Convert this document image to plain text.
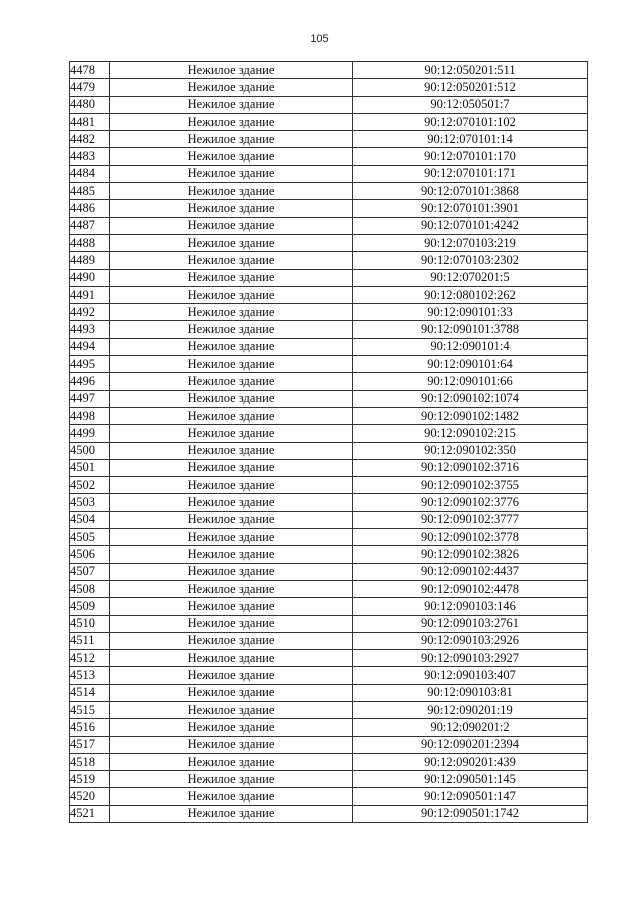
105
4478	Нежилое здание	90:12:050201:511
4479	Нежилое здание	90:12:050201:512
4480	Нежилое здание	90:12:050501:7
4481	Нежилое здание	90:12:070101:102
4482	Нежилое здание	90:12:070101:14
4483	Нежилое здание	90:12:070101:170
4484	Нежилое здание	90:12:070101:171
4485	Нежилое здание	90:12:070101:3868
4486	Нежилое здание	90:12:070101:3901
4487	Нежилое здание	90:12:070101:4242
4488	Нежилое здание	90:12:070103:219
4489	Нежилое здание	90:12:070103:2302
4490	Нежилое здание	90:12:070201:5
4491	Нежилое здание	90:12:080102:262
4492	Нежилое здание	90:12:090101:33
4493	Нежилое здание	90:12:090101:3788
4494	Нежилое здание	90:12:090101:4
4495	Нежилое здание	90:12:090101:64
4496	Нежилое здание	90:12:090101:66
4497	Нежилое здание	90:12:090102:1074
4498	Нежилое здание	90:12:090102:1482
4499	Нежилое здание	90:12:090102:215
4500	Нежилое здание	90:12:090102:350
4501	Нежилое здание	90:12:090102:3716
4502	Нежилое здание	90:12:090102:3755
4503	Нежилое здание	90:12:090102:3776
4504	Нежилое здание	90:12:090102:3777
4505	Нежилое здание	90:12:090102:3778
4506	Нежилое здание	90:12:090102:3826
4507	Нежилое здание	90:12:090102:4437
4508	Нежилое здание	90:12:090102:4478
4509	Нежилое здание	90:12:090103:146
4510	Нежилое здание	90:12:090103:2761
4511	Нежилое здание	90:12:090103:2926
4512	Нежилое здание	90:12:090103:2927
4513	Нежилое здание	90:12:090103:407
4514	Нежилое здание	90:12:090103:81
4515	Нежилое здание	90:12:090201:19
4516	Нежилое здание	90:12:090201:2
4517	Нежилое здание	90:12:090201:2394
4518	Нежилое здание	90:12:090201:439
4519	Нежилое здание	90:12:090501:145
4520	Нежилое здание	90:12:090501:147
4521	Нежилое здание	90:12:090501:1742
